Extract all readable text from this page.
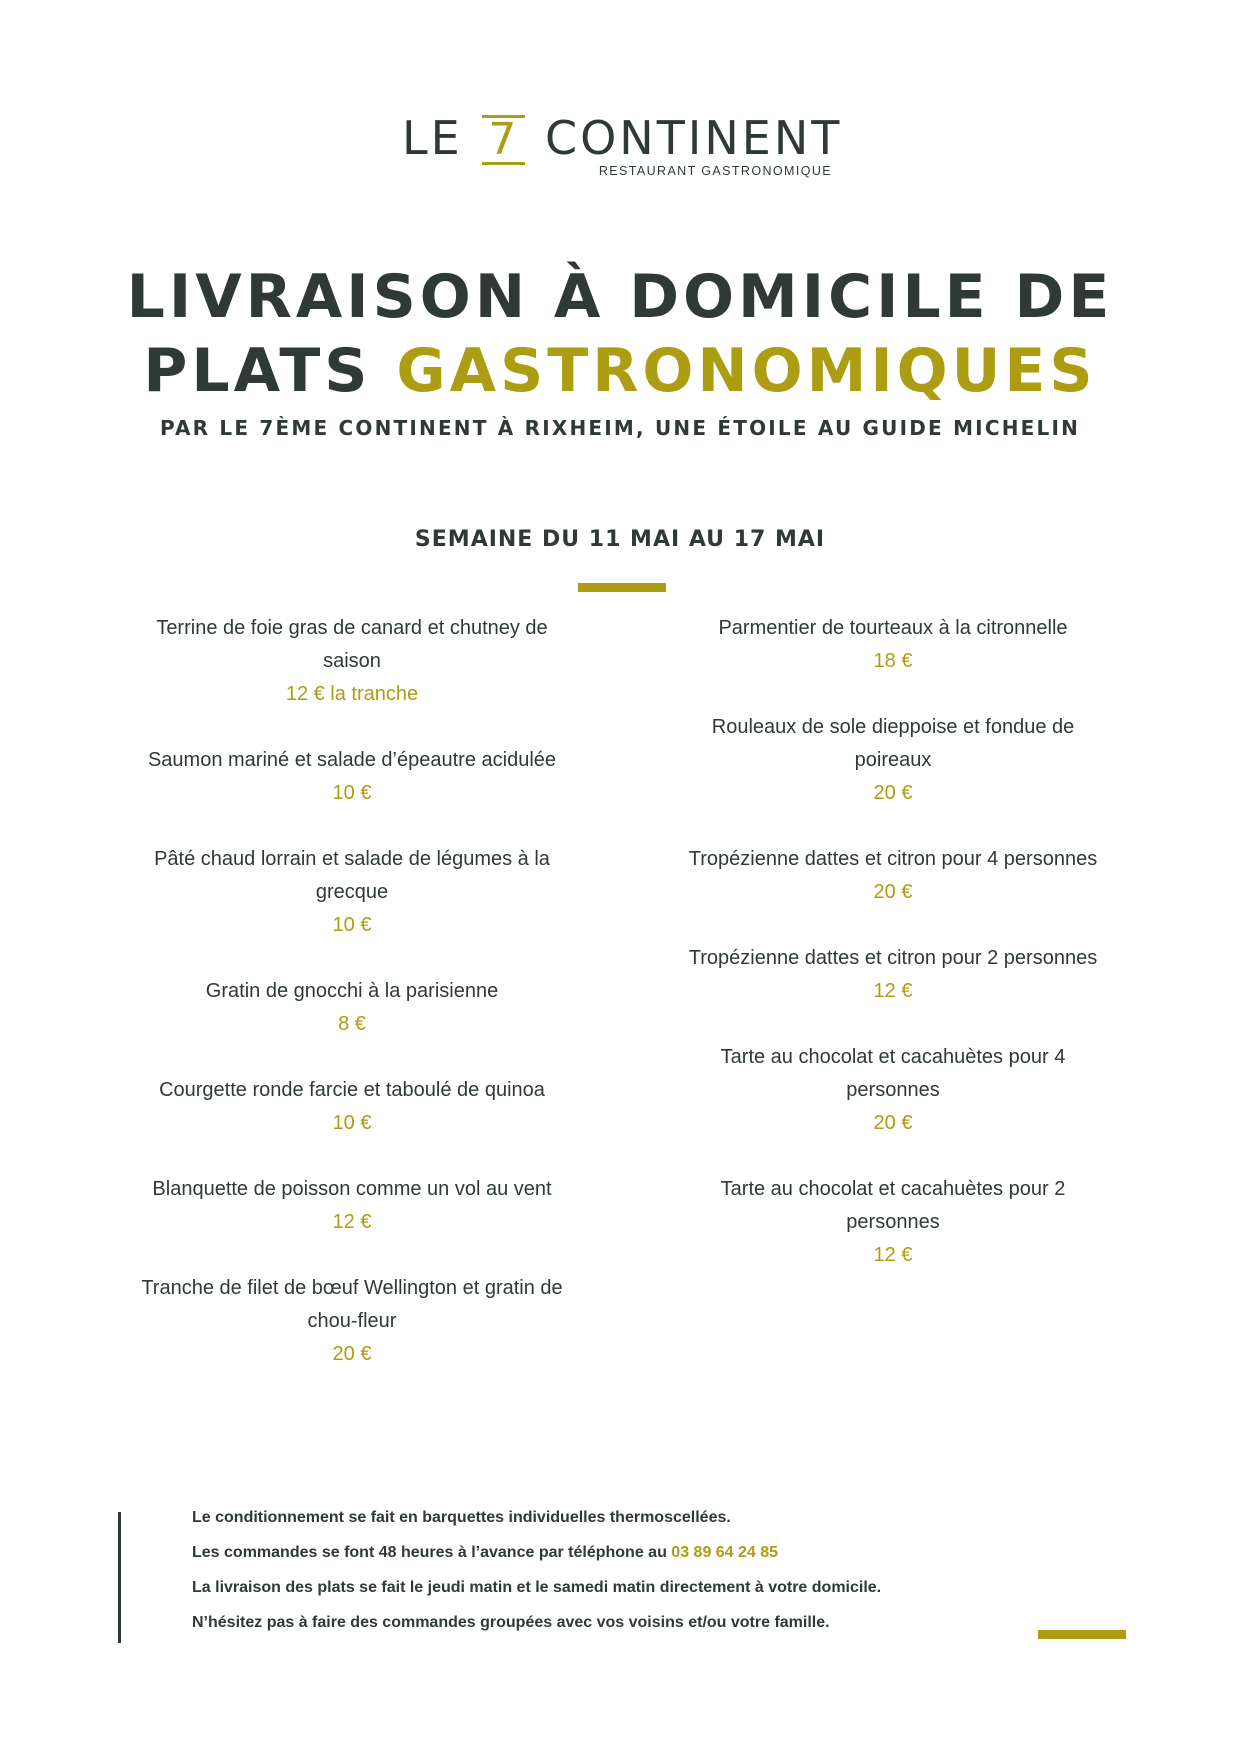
LE 7 CONTINENT
RESTAURANT GASTRONOMIQUE
LIVRAISON À DOMICILE DE
PLATS GASTRONOMIQUES
PAR LE 7ÈME CONTINENT À RIXHEIM, UNE ÉTOILE AU GUIDE MICHELIN
SEMAINE DU 11 MAI AU 17 MAI
Terrine de foie gras de canard et chutney de
saison
12 € la tranche
Saumon mariné et salade d’épeautre acidulée
10 €
Pâté chaud lorrain et salade de légumes à la
grecque
10 €
Gratin de gnocchi à la parisienne
8 €
Courgette ronde farcie et taboulé de quinoa
10 €
Blanquette de poisson comme un vol au vent
12 €
Tranche de filet de bœuf Wellington et gratin de
chou-fleur
20 €
Parmentier de tourteaux à la citronnelle
18 €
Rouleaux de sole dieppoise et fondue de
poireaux
20 €
Tropézienne dattes et citron pour 4 personnes
20 €
Tropézienne dattes et citron pour 2 personnes
12 €
Tarte au chocolat et cacahuètes pour 4
personnes
20 €
Tarte au chocolat et cacahuètes pour 2
personnes
12 €
Le conditionnement se fait en barquettes individuelles thermoscellées.
Les commandes se font 48 heures à l’avance par téléphone au 03 89 64 24 85
La livraison des plats se fait le jeudi matin et le samedi matin directement à votre domicile.
N’hésitez pas à faire des commandes groupées avec vos voisins et/ou votre famille.
